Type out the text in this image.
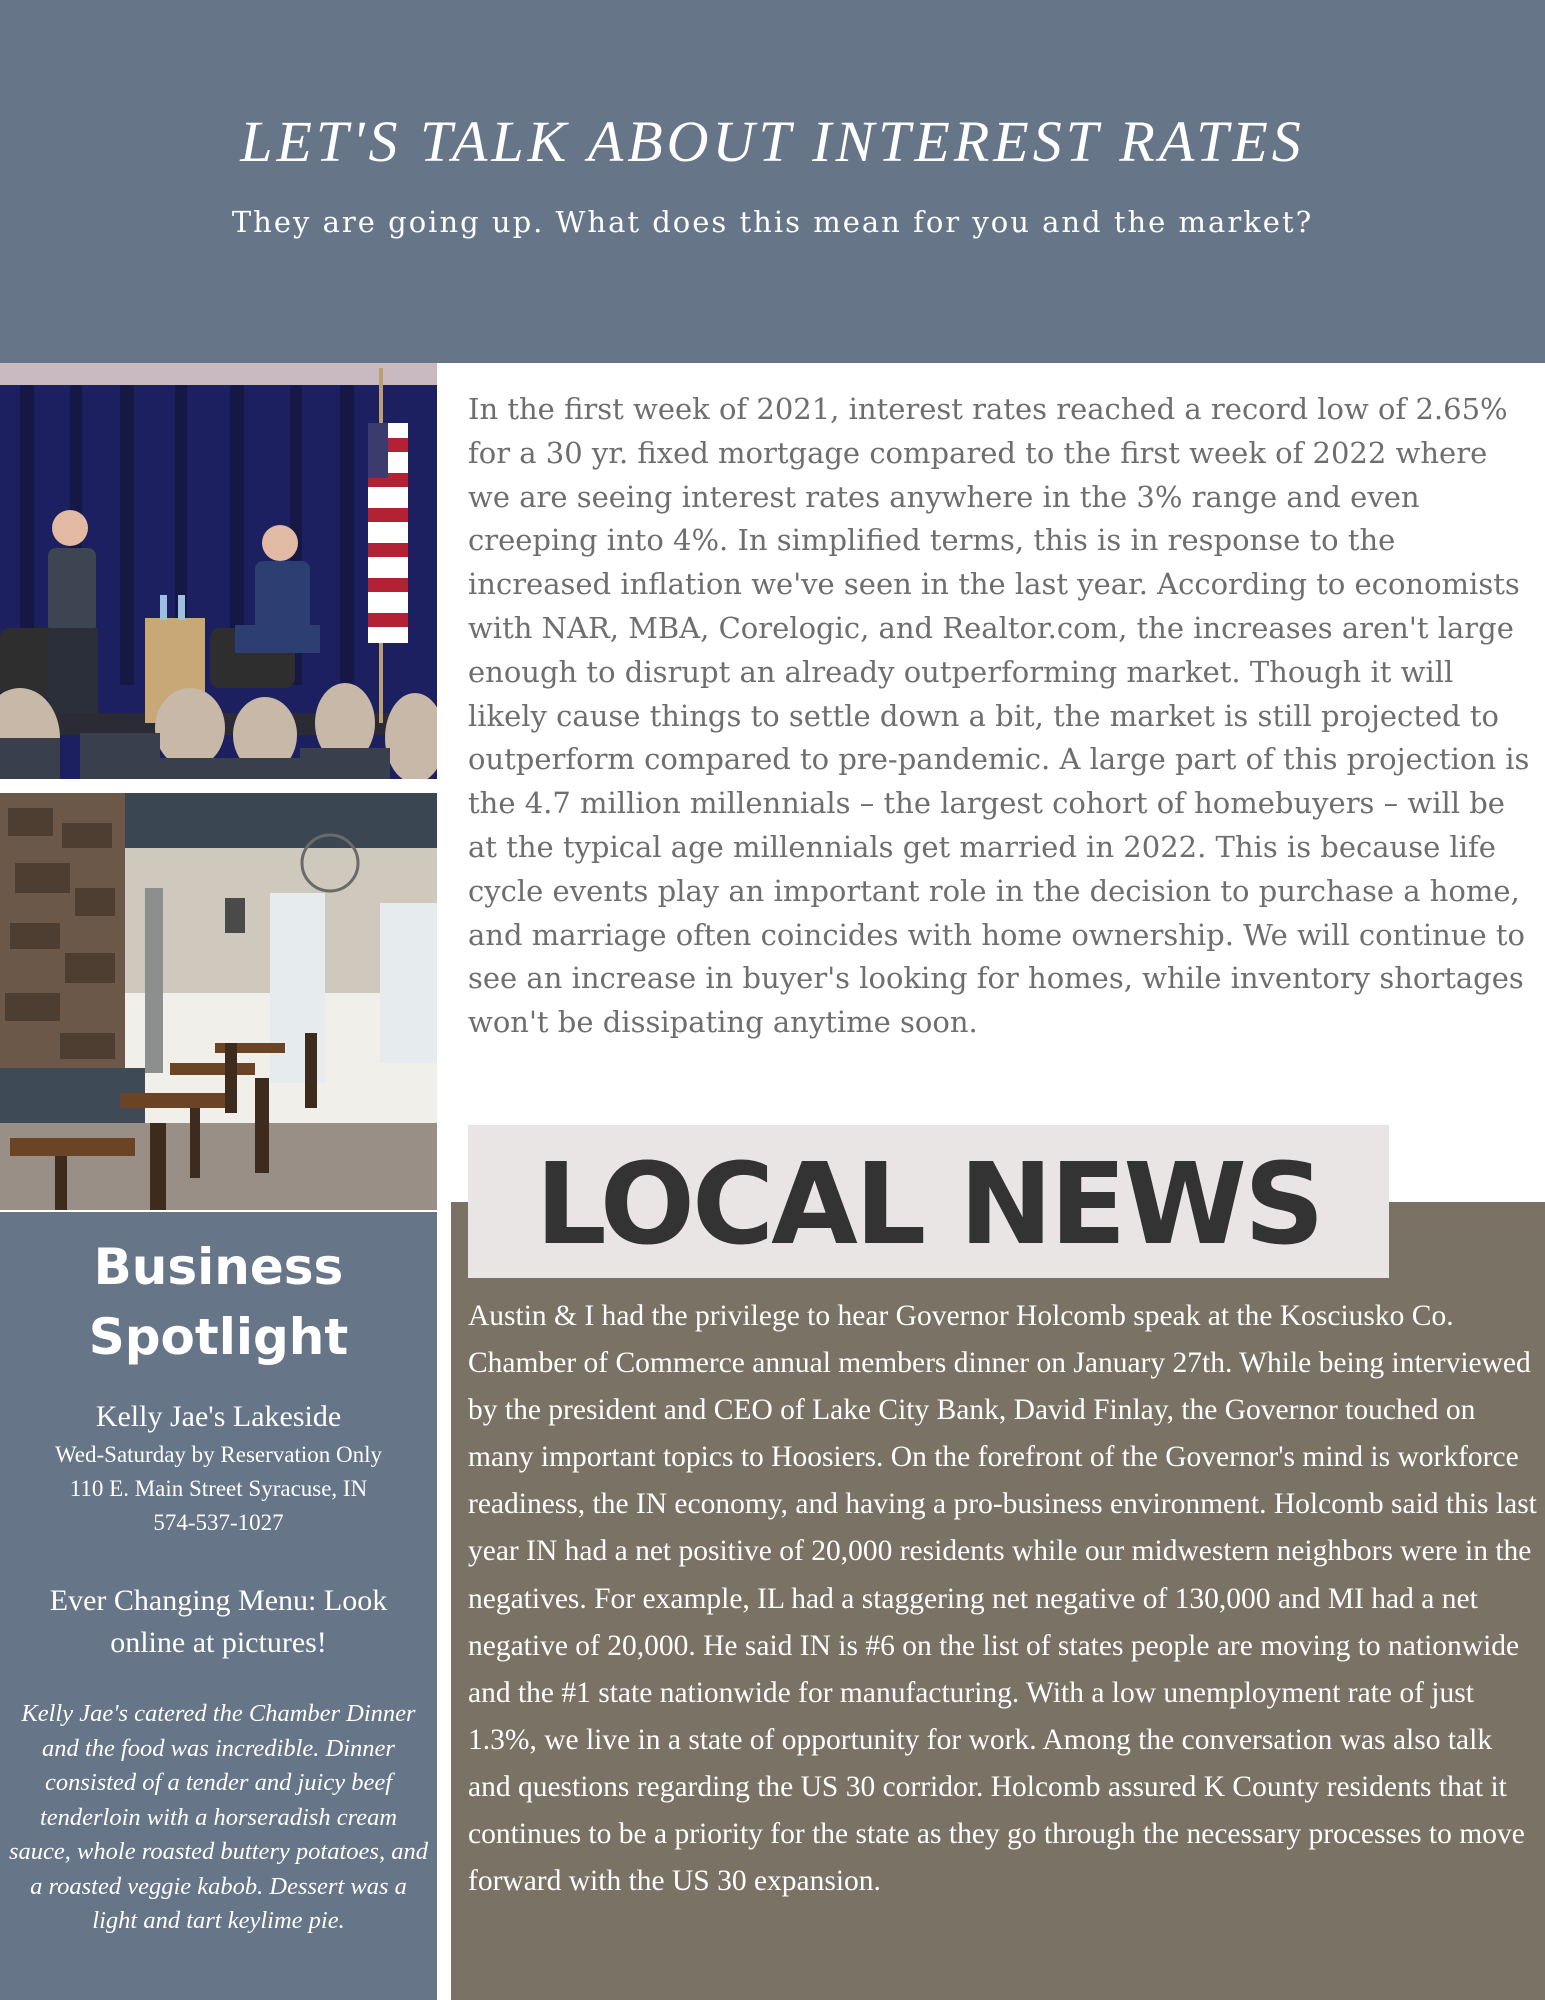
LET'S TALK ABOUT INTEREST RATES

They are going up. What does this mean for you and the market?

In the first week of 2021, interest rates reached a record low of 2.65% for a 30 yr. fixed mortgage compared to the first week of 2022 where we are seeing interest rates anywhere in the 3% range and even creeping into 4%. In simplified terms, this is in response to the increased inflation we've seen in the last year. According to economists with NAR, MBA, Corelogic, and Realtor.com, the increases aren't large enough to disrupt an already outperforming market. Though it will likely cause things to settle down a bit, the market is still projected to outperform compared to pre-pandemic. A large part of this projection is the 4.7 million millennials – the largest cohort of homebuyers – will be at the typical age millennials get married in 2022. This is because life cycle events play an important role in the decision to purchase a home, and marriage often coincides with home ownership. We will continue to see an increase in buyer's looking for homes, while inventory shortages won't be dissipating anytime soon.

LOCAL NEWS

Austin & I had the privilege to hear Governor Holcomb speak at the Kosciusko Co. Chamber of Commerce annual members dinner on January 27th. While being interviewed by the president and CEO of Lake City Bank, David Finlay, the Governor touched on many important topics to Hoosiers. On the forefront of the Governor's mind is workforce readiness, the IN economy, and having a pro-business environment. Holcomb said this last year IN had a net positive of 20,000 residents while our midwestern neighbors were in the negatives. For example, IL had a staggering net negative of 130,000 and MI had a net negative of 20,000. He said IN is #6 on the list of states people are moving to nationwide and the #1 state nationwide for manufacturing. With a low unemployment rate of just 1.3%, we live in a state of opportunity for work. Among the conversation was also talk and questions regarding the US 30 corridor. Holcomb assured K County residents that it continues to be a priority for the state as they go through the necessary processes to move forward with the US 30 expansion.

Business
Spotlight
Kelly Jae's Lakeside
Wed-Saturday by Reservation Only
110 E. Main Street Syracuse, IN
574-537-1027
Ever Changing Menu: Look online at pictures!

Kelly Jae's catered the Chamber Dinner and the food was incredible. Dinner consisted of a tender and juicy beef tenderloin with a horseradish cream sauce, whole roasted buttery potatoes, and a roasted veggie kabob. Dessert was a light and tart keylime pie.
